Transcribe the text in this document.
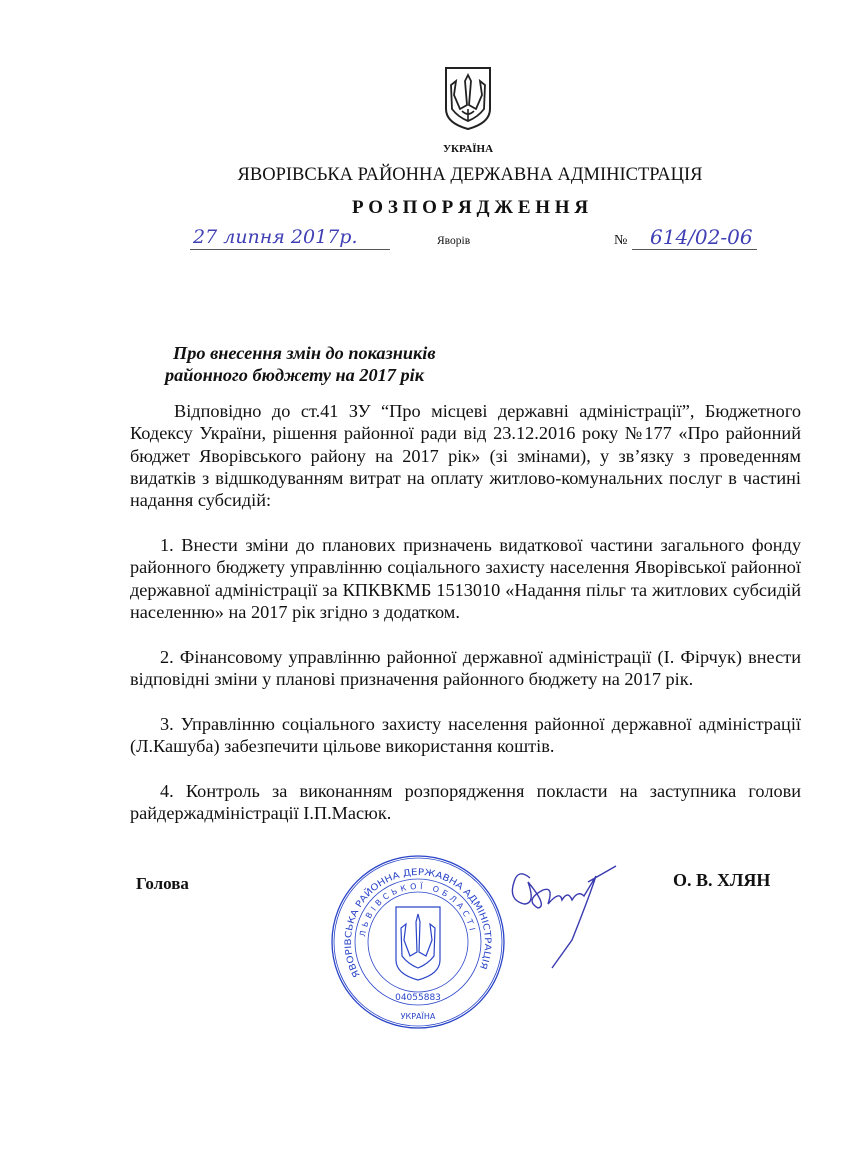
УКРАЇНА
ЯВОРІВСЬКА РАЙОННА ДЕРЖАВНА АДМІНІСТРАЦІЯ
Р О З П О Р Я Д Ж Е Н Н Я
27 липня 2017р.	Яворів	№ 614/02-06
Про внесення змін до показників
районного бюджету на 2017 рік

Відповідно до ст.41 ЗУ “Про місцеві державні адміністрації”, Бюджетного Кодексу України, рішення районної ради від 23.12.2016 року №177 «Про районний бюджет Яворівського району на 2017 рік» (зі змінами), у зв’язку з проведенням видатків з відшкодуванням витрат на оплату житлово-комунальних послуг в частині надання субсидій:

1. Внести зміни до планових призначень видаткової частини загального фонду районного бюджету управлінню соціального захисту населення Яворівської районної державної адміністрації за КПКВКМБ 1513010 «Надання пільг та житлових субсидій населенню» на 2017 рік згідно з додатком.

2. Фінансовому управлінню районної державної адміністрації (І. Фірчук) внести відповідні зміни у планові призначення районного бюджету на 2017 рік.

3. Управлінню соціального захисту населення районної державної адміністрації (Л.Кашуба) забезпечити цільове використання коштів.

4. Контроль за виконанням розпорядження покласти на заступника голови райдержадміністрації І.П.Масюк.

Голова	О. В. ХЛЯН
ЯВОРІВСЬКА РАЙОННА ДЕРЖАВНА АДМІНІСТРАЦІЯ
ЛЬВІВСЬКОЇ ОБЛАСТІ
04055883
УКРАЇНА
